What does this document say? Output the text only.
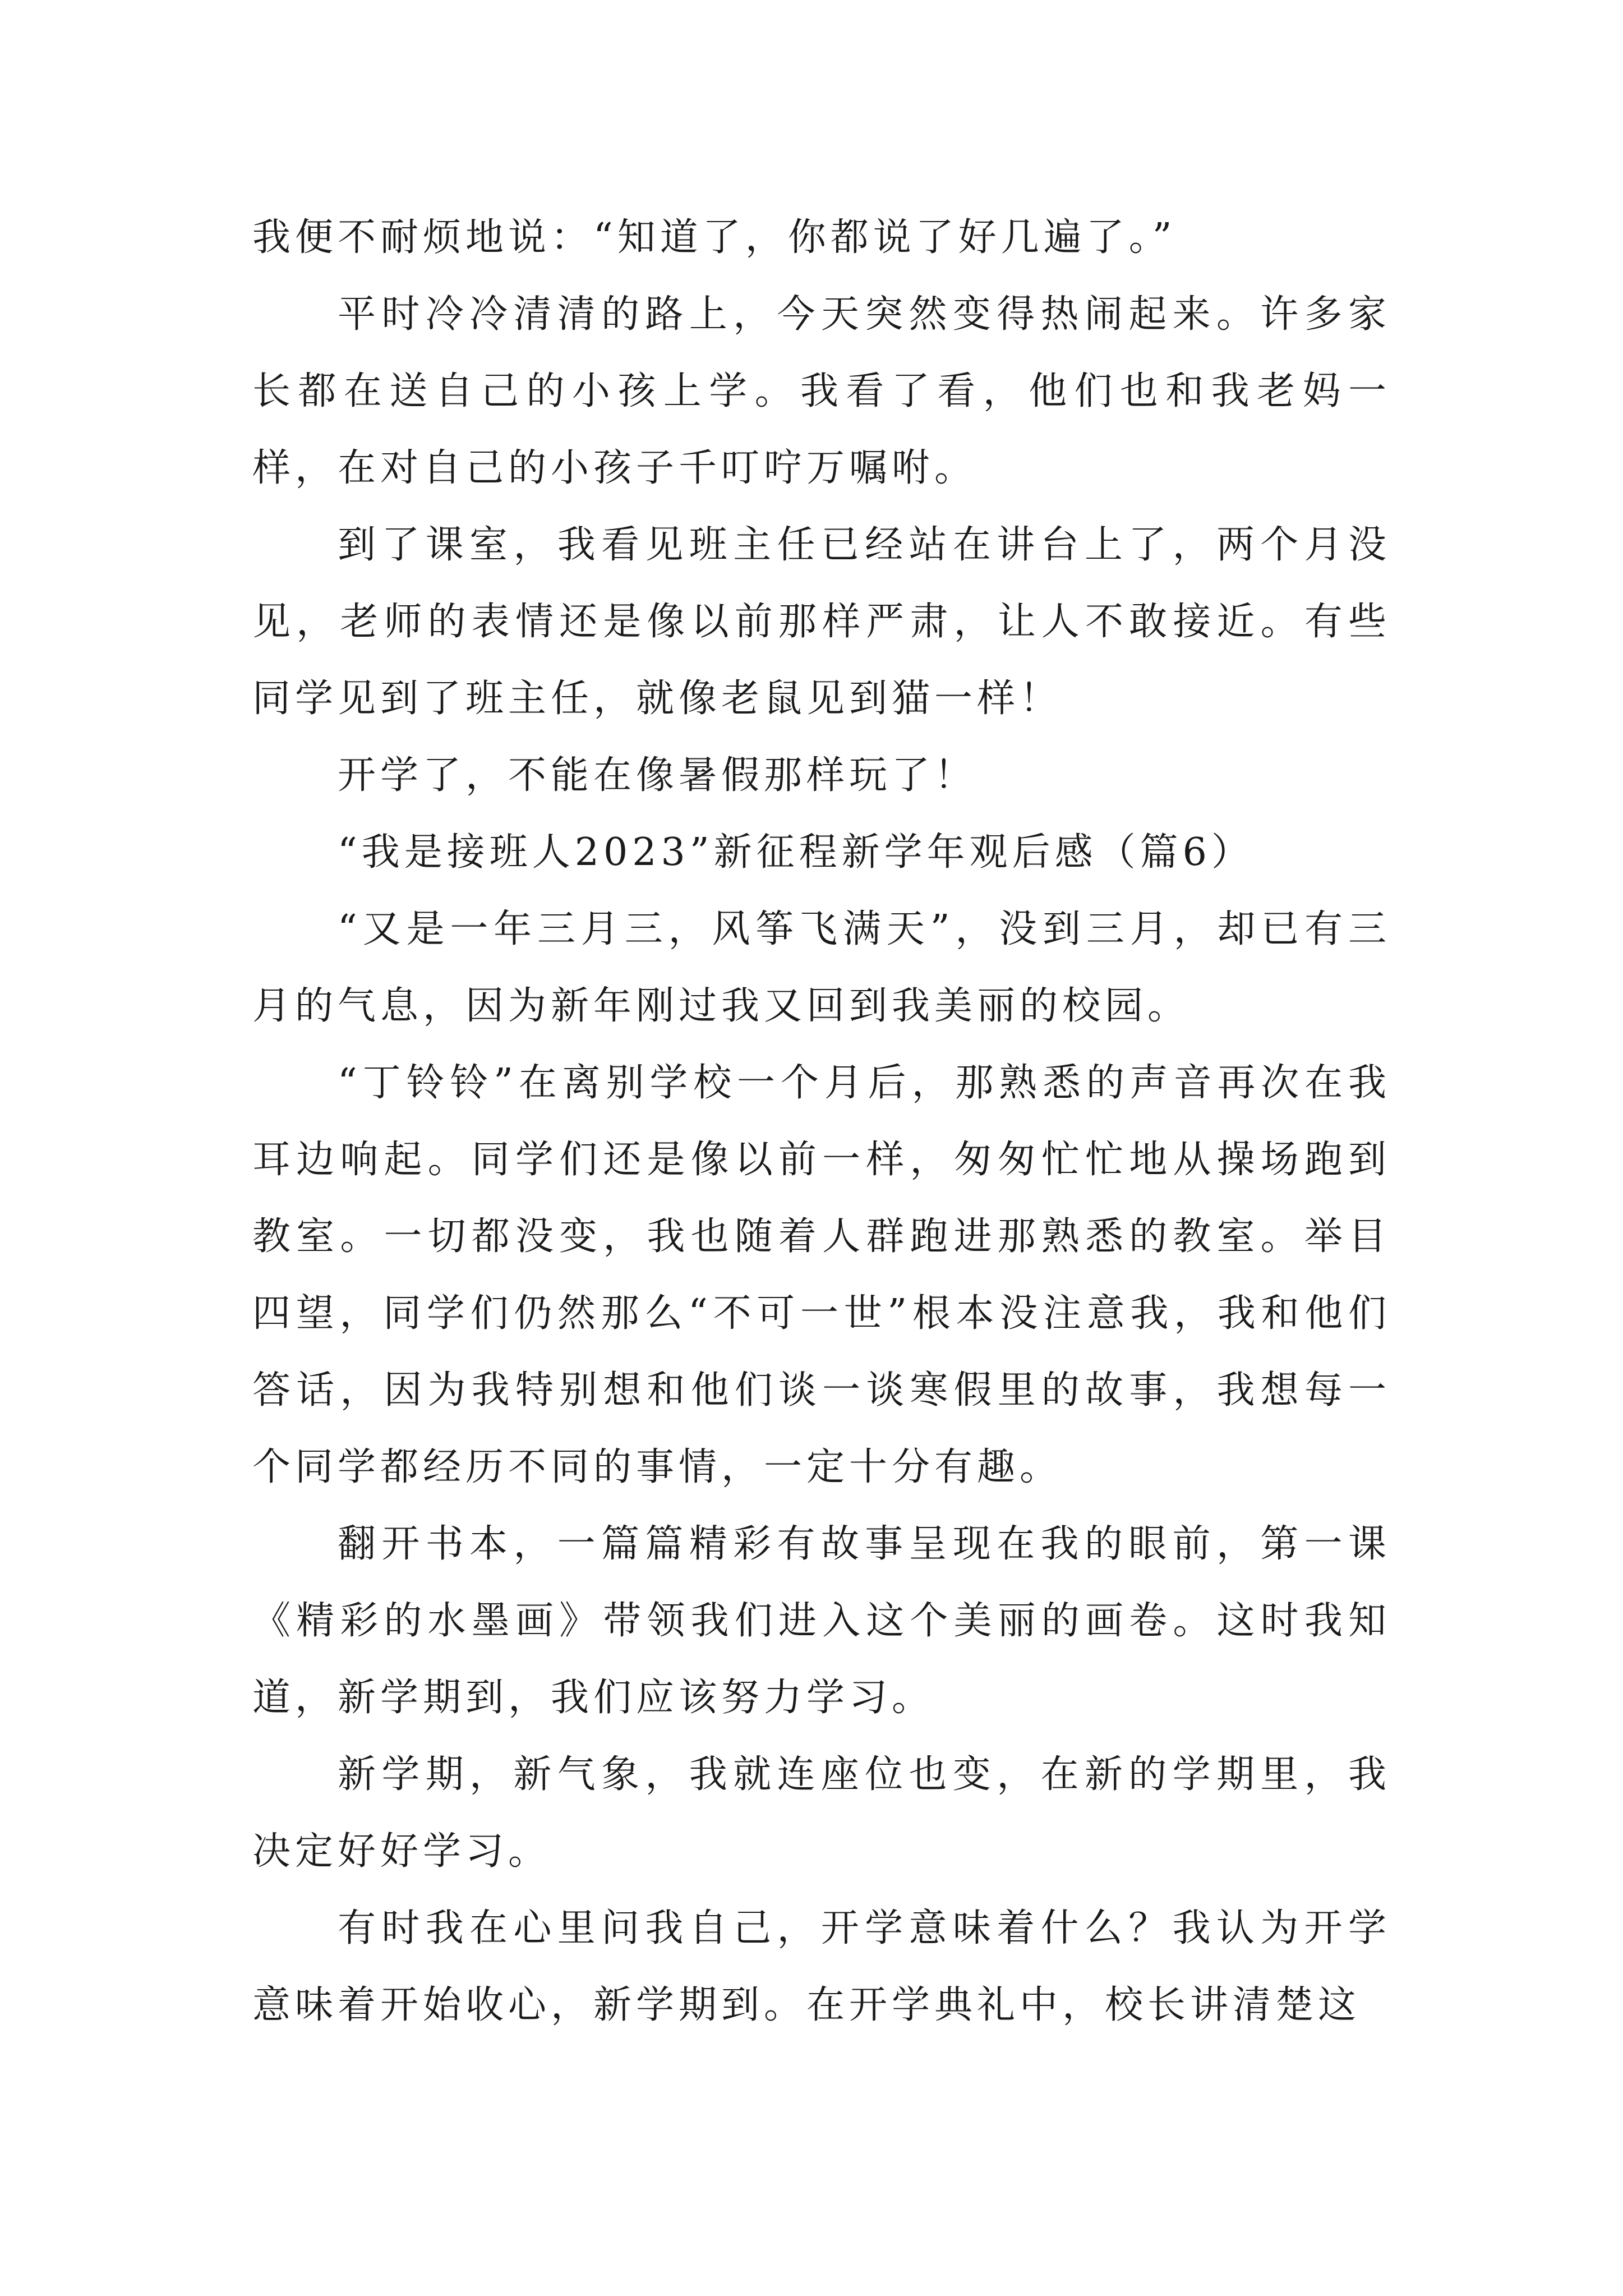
我便不耐烦地说：“知道了，你都说了好几遍了。”

平时冷冷清清的路上，今天突然变得热闹起来。许多家长都在送自己的小孩上学。我看了看，他们也和我老妈一样，在对自己的小孩子千叮咛万嘱咐。

到了课室，我看见班主任已经站在讲台上了，两个月没见，老师的表情还是像以前那样严肃，让人不敢接近。有些同学见到了班主任，就像老鼠见到猫一样！

开学了，不能在像暑假那样玩了！

“我是接班人2023”新征程新学年观后感（篇6）

“又是一年三月三，风筝飞满天”，没到三月，却已有三月的气息，因为新年刚过我又回到我美丽的校园。

“丁铃铃”在离别学校一个月后，那熟悉的声音再次在我耳边响起。同学们还是像以前一样，匆匆忙忙地从操场跑到教室。一切都没变，我也随着人群跑进那熟悉的教室。举目四望，同学们仍然那么“不可一世”根本没注意我，我和他们答话，因为我特别想和他们谈一谈寒假里的故事，我想每一个同学都经历不同的事情，一定十分有趣。

翻开书本，一篇篇精彩有故事呈现在我的眼前，第一课《精彩的水墨画》带领我们进入这个美丽的画卷。这时我知道，新学期到，我们应该努力学习。

新学期，新气象，我就连座位也变，在新的学期里，我决定好好学习。

有时我在心里问我自己，开学意味着什么？我认为开学意味着开始收心，新学期到。在开学典礼中，校长讲清楚这
